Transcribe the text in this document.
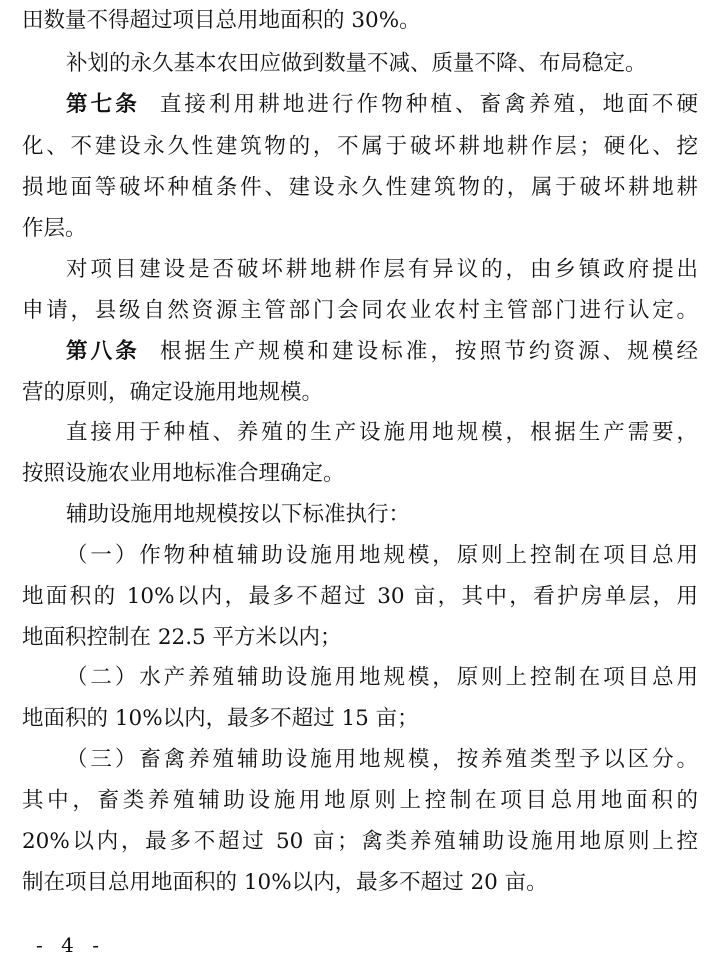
田数量不得超过项目总用地面积的 30%。
补划的永久基本农田应做到数量不减、质量不降、布局稳定。
第七条 直接利用耕地进行作物种植、畜禽养殖，地面不硬
化、不建设永久性建筑物的，不属于破坏耕地耕作层；硬化、挖
损地面等破坏种植条件、建设永久性建筑物的，属于破坏耕地耕
作层。
对项目建设是否破坏耕地耕作层有异议的，由乡镇政府提出
申请，县级自然资源主管部门会同农业农村主管部门进行认定。
第八条 根据生产规模和建设标准，按照节约资源、规模经
营的原则，确定设施用地规模。
直接用于种植、养殖的生产设施用地规模，根据生产需要，
按照设施农业用地标准合理确定。
辅助设施用地规模按以下标准执行：
（一）作物种植辅助设施用地规模，原则上控制在项目总用
地面积的 10%以内，最多不超过 30 亩，其中，看护房单层，用
地面积控制在 22.5 平方米以内；
（二）水产养殖辅助设施用地规模，原则上控制在项目总用
地面积的 10%以内，最多不超过 15 亩；
（三）畜禽养殖辅助设施用地规模，按养殖类型予以区分。
其中，畜类养殖辅助设施用地原则上控制在项目总用地面积的
20%以内，最多不超过 50 亩；禽类养殖辅助设施用地原则上控
制在项目总用地面积的 10%以内，最多不超过 20 亩。
- 4 -
